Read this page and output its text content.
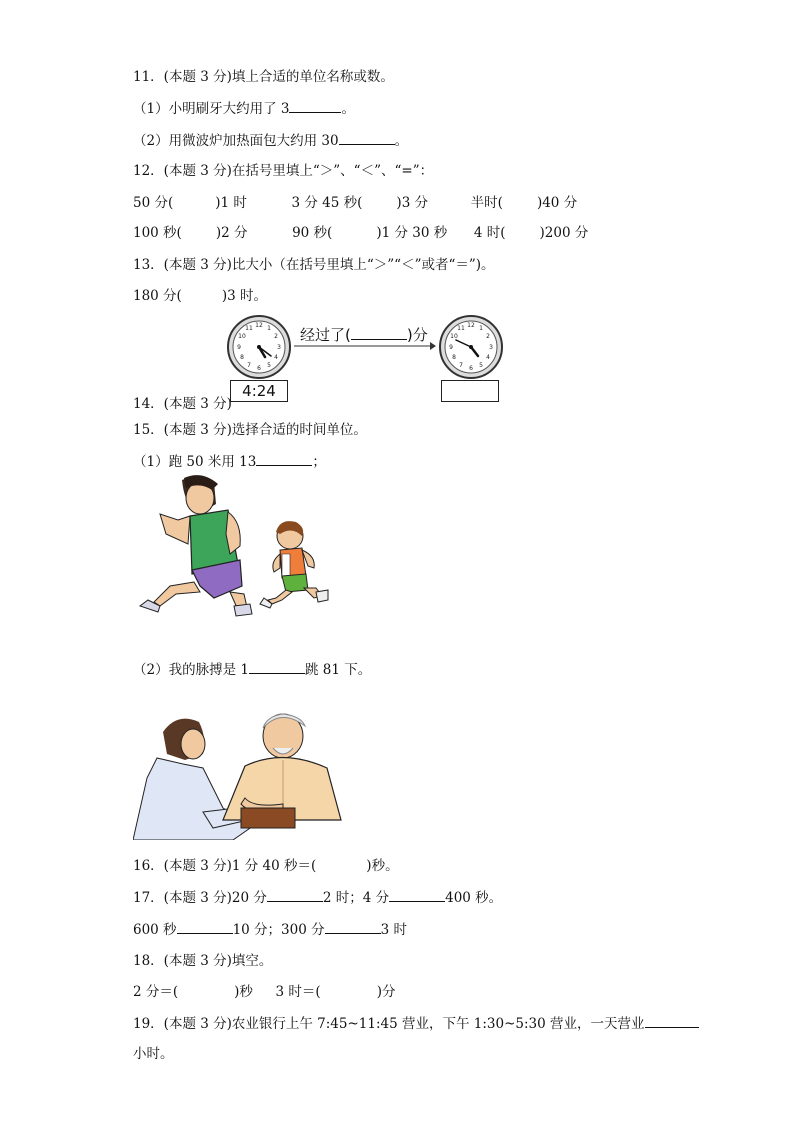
11．(本题 3 分)填上合适的单位名称或数。
（1）小明刷牙大约用了 3	。
（2）用微波炉加热面包大约用 30	。
12．(本题 3 分)在括号里填上“＞”、“＜”、“=”：
50 分(	)1 时	3 分 45 秒(	)3 分	半时(	)40 分
100 秒(	)2 分	90 秒(	)1 分 30 秒 4 时(	)200 分
13．(本题 3 分)比大小（在括号里填上“＞”“＜”或者“＝”)。
180 分(	)3 时。
12 1
2
3
4
5
6
7
8
9
10
11
4:24
经过了(	)分
12 1
2
3
4
5
6
7
8
9
10
11
14．(本题 3 分)
15．(本题 3 分)选择合适的时间单位。
（1）跑 50 米用 13	；
（2）我的脉搏是 1	跳 81 下。
16．(本题 3 分)1 分 40 秒＝(	)秒。
17．(本题 3 分)20 分	2 时；4 分	400 秒。
600 秒	10 分；300 分	3 时
18．(本题 3 分)填空。
2 分＝(	)秒 3 时＝(	)分
19．(本题 3 分)农业银行上午 7:45~11:45 营业，下午 1:30~5:30 营业，一天营业
小时。
